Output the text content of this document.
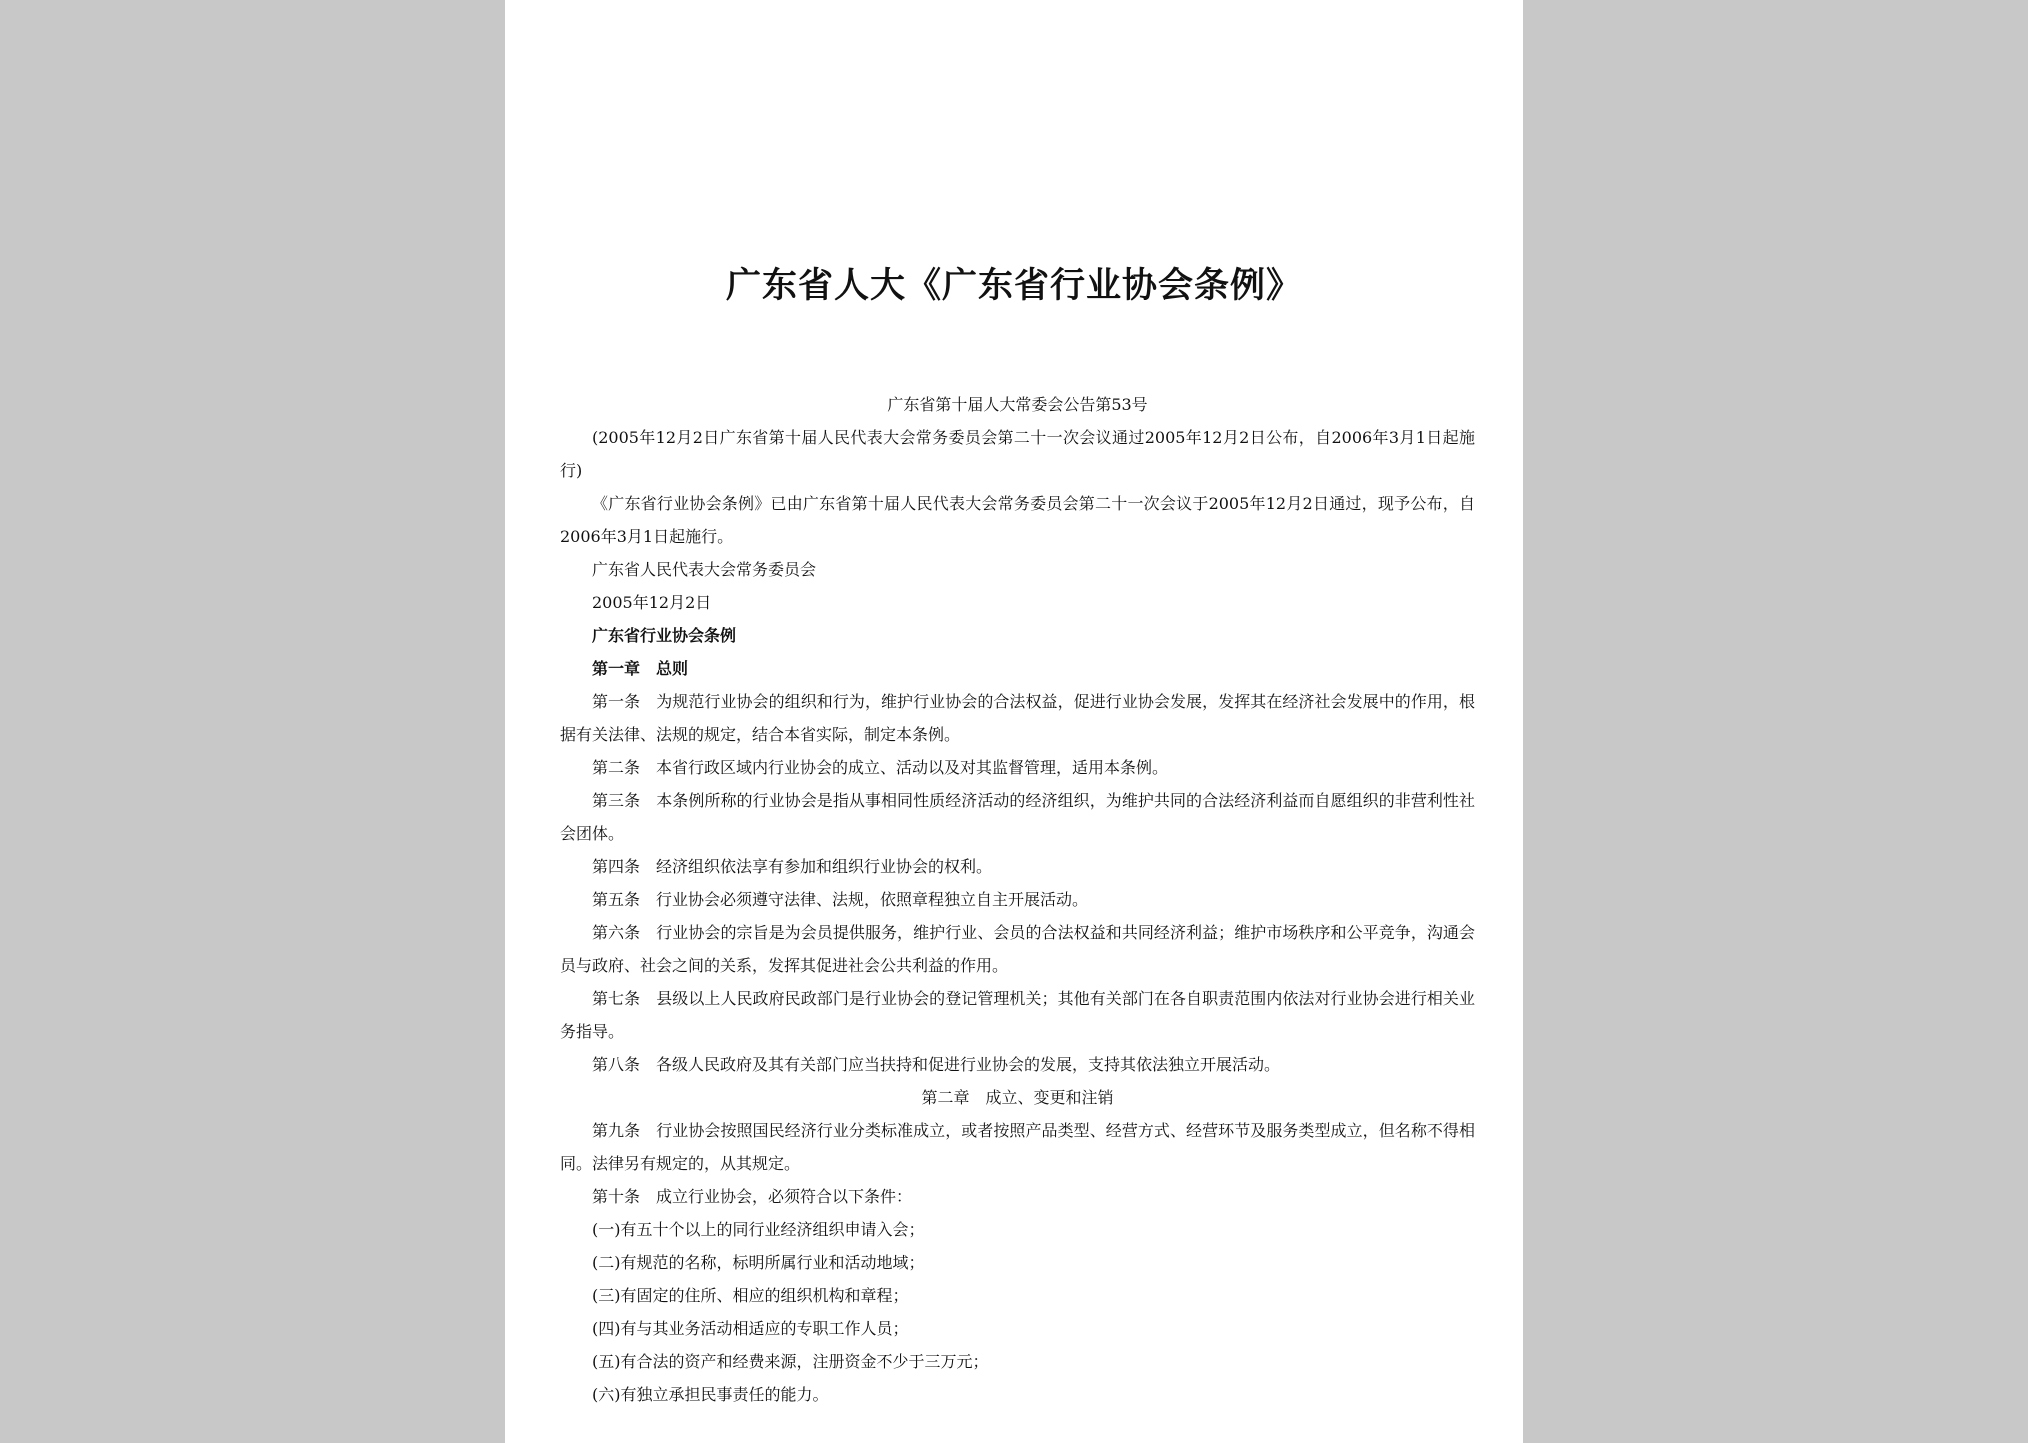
广东省人大《广东省行业协会条例》

广东省第十届人大常委会公告第53号

(2005年12月2日广东省第十届人民代表大会常务委员会第二十一次会议通过2005年12月2日公布，自2006年3月1日起施行)

《广东省行业协会条例》已由广东省第十届人民代表大会常务委员会第二十一次会议于2005年12月2日通过，现予公布，自2006年3月1日起施行。

广东省人民代表大会常务委员会

2005年12月2日

广东省行业协会条例

第一章　总则

第一条　为规范行业协会的组织和行为，维护行业协会的合法权益，促进行业协会发展，发挥其在经济社会发展中的作用，根据有关法律、法规的规定，结合本省实际，制定本条例。

第二条　本省行政区域内行业协会的成立、活动以及对其监督管理，适用本条例。

第三条　本条例所称的行业协会是指从事相同性质经济活动的经济组织，为维护共同的合法经济利益而自愿组织的非营利性社会团体。

第四条　经济组织依法享有参加和组织行业协会的权利。

第五条　行业协会必须遵守法律、法规，依照章程独立自主开展活动。

第六条　行业协会的宗旨是为会员提供服务，维护行业、会员的合法权益和共同经济利益；维护市场秩序和公平竞争，沟通会员与政府、社会之间的关系，发挥其促进社会公共利益的作用。

第七条　县级以上人民政府民政部门是行业协会的登记管理机关；其他有关部门在各自职责范围内依法对行业协会进行相关业务指导。

第八条　各级人民政府及其有关部门应当扶持和促进行业协会的发展，支持其依法独立开展活动。

第二章　成立、变更和注销

第九条　行业协会按照国民经济行业分类标准成立，或者按照产品类型、经营方式、经营环节及服务类型成立，但名称不得相同。法律另有规定的，从其规定。

第十条　成立行业协会，必须符合以下条件：

(一)有五十个以上的同行业经济组织申请入会；

(二)有规范的名称，标明所属行业和活动地域；

(三)有固定的住所、相应的组织机构和章程；

(四)有与其业务活动相适应的专职工作人员；

(五)有合法的资产和经费来源，注册资金不少于三万元；

(六)有独立承担民事责任的能力。
